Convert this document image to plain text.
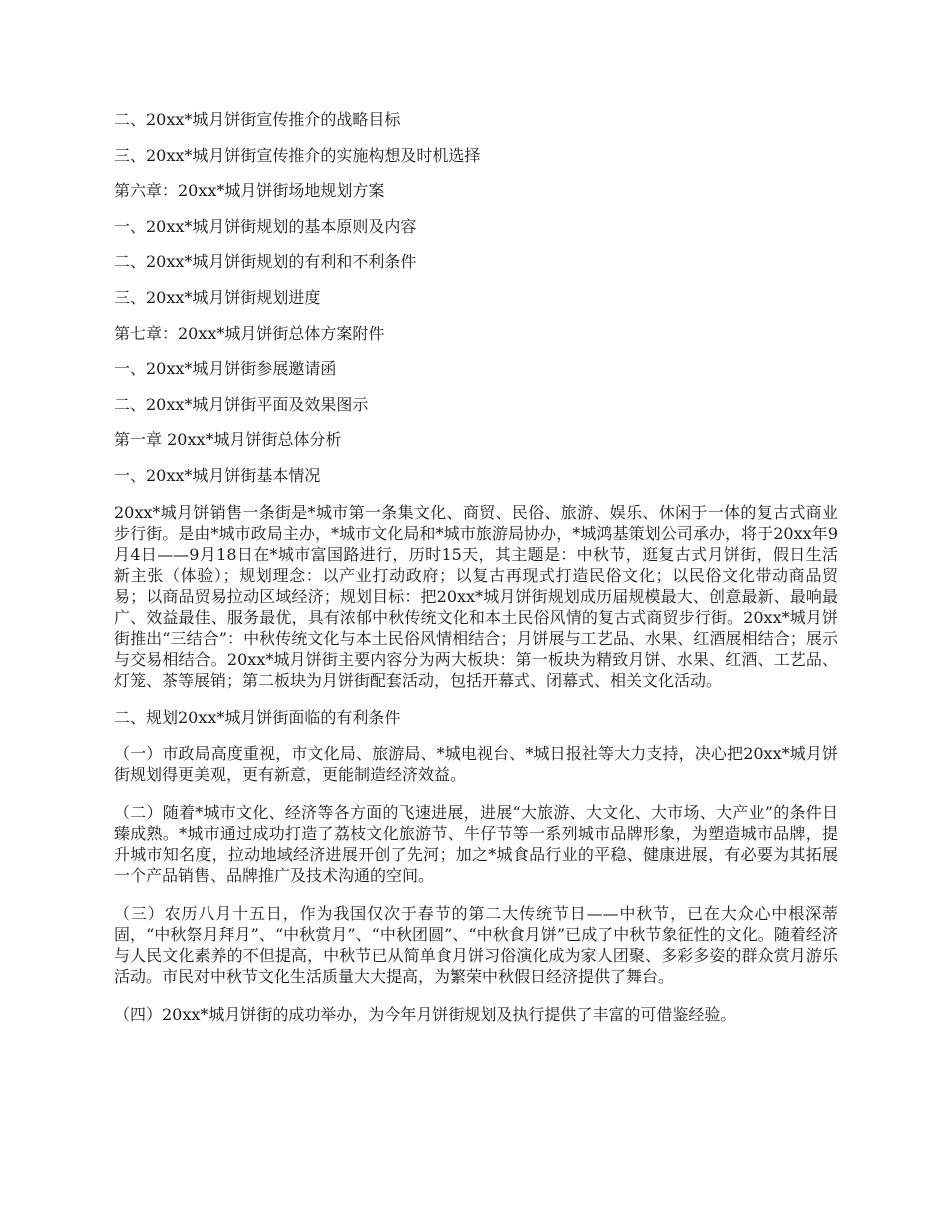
二、20xx*城月饼街宣传推介的战略目标
三、20xx*城月饼街宣传推介的实施构想及时机选择
第六章：20xx*城月饼街场地规划方案
一、20xx*城月饼街规划的基本原则及内容
二、20xx*城月饼街规划的有利和不利条件
三、20xx*城月饼街规划进度
第七章：20xx*城月饼街总体方案附件
一、20xx*城月饼街参展邀请函
二、20xx*城月饼街平面及效果图示
第一章 20xx*城月饼街总体分析
一、20xx*城月饼街基本情况

20xx*城月饼销售一条街是*城市第一条集文化、商贸、民俗、旅游、娱乐、休闲于一体的复古式商业步行街。是由*城市政局主办，*城市文化局和*城市旅游局协办，*城鸿基策划公司承办，将于20xx年9月4日——9月18日在*城市富国路进行，历时15天，其主题是：中秋节，逛复古式月饼街，假日生活新主张（体验）；规划理念：以产业打动政府；以复古再现式打造民俗文化；以民俗文化带动商品贸易；以商品贸易拉动区域经济；规划目标：把20xx*城月饼街规划成历届规模最大、创意最新、最响最广、效益最佳、服务最优，具有浓郁中秋传统文化和本土民俗风情的复古式商贸步行街。20xx*城月饼街推出“三结合”：中秋传统文化与本土民俗风情相结合；月饼展与工艺品、水果、红酒展相结合；展示与交易相结合。20xx*城月饼街主要内容分为两大板块：第一板块为精致月饼、水果、红酒、工艺品、灯笼、茶等展销；第二板块为月饼街配套活动，包括开幕式、闭幕式、相关文化活动。

二、规划20xx*城月饼街面临的有利条件

（一）市政局高度重视，市文化局、旅游局、*城电视台、*城日报社等大力支持，决心把20xx*城月饼街规划得更美观，更有新意，更能制造经济效益。

（二）随着*城市文化、经济等各方面的飞速进展，进展“大旅游、大文化、大市场、大产业”的条件日臻成熟。*城市通过成功打造了荔枝文化旅游节、牛仔节等一系列城市品牌形象，为塑造城市品牌，提升城市知名度，拉动地域经济进展开创了先河；加之*城食品行业的平稳、健康进展，有必要为其拓展一个产品销售、品牌推广及技术沟通的空间。

（三）农历八月十五日，作为我国仅次于春节的第二大传统节日——中秋节，已在大众心中根深蒂固，“中秋祭月拜月”、“中秋赏月”、“中秋团圆”、“中秋食月饼”已成了中秋节象征性的文化。随着经济与人民文化素养的不但提高，中秋节已从简单食月饼习俗演化成为家人团聚、多彩多姿的群众赏月游乐活动。市民对中秋节文化生活质量大大提高，为繁荣中秋假日经济提供了舞台。

（四）20xx*城月饼街的成功举办，为今年月饼街规划及执行提供了丰富的可借鉴经验。
